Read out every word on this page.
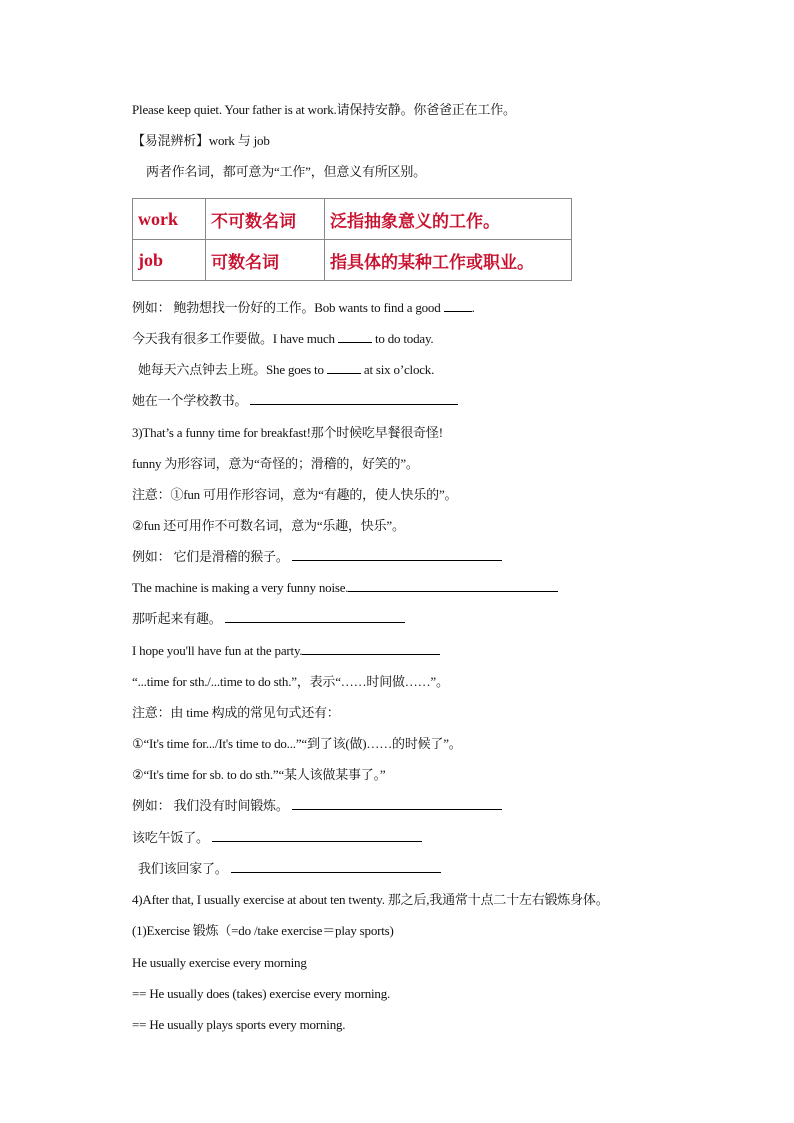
Please keep quiet. Your father is at work.请保持安静。你爸爸正在工作。
【易混辨析】work 与 job
两者作名词，都可意为“工作”，但意义有所区别。
work	不可数名词	泛指抽象意义的工作。
job	可数名词	指具体的某种工作或职业。
例如： 鲍勃想找一份好的工作。Bob wants to find a good .
今天我有很多工作要做。I have much	to do today.
她每天六点钟去上班。She goes to	at six o’clock.
她在一个学校教书。
3)That’s a funny time for breakfast!那个时候吃早餐很奇怪!
funny 为形容词，意为“奇怪的；滑稽的，好笑的”。
注意：①fun 可用作形容词，意为“有趣的，使人快乐的”。
②fun 还可用作不可数名词，意为“乐趣，快乐”。
例如： 它们是滑稽的猴子。
The machine is making a very funny noise.
那听起来有趣。
I hope you'll have fun at the party.
“...time for sth./...time to do sth.”，表示“……时间做……”。
注意：由 time 构成的常见句式还有：
①“It's time for.../It's time to do...”“到了该(做)……的时候了”。
②“It's time for sb. to do sth.”“某人该做某事了。”
例如： 我们没有时间锻炼。
该吃午饭了。
我们该回家了。
4)After that, I usually exercise at about ten twenty. 那之后,我通常十点二十左右锻炼身体。
(1)Exercise 锻炼（=do /take exercise＝play sports)
He usually exercise every morning
== He usually does (takes) exercise every morning.
== He usually plays sports every morning.
